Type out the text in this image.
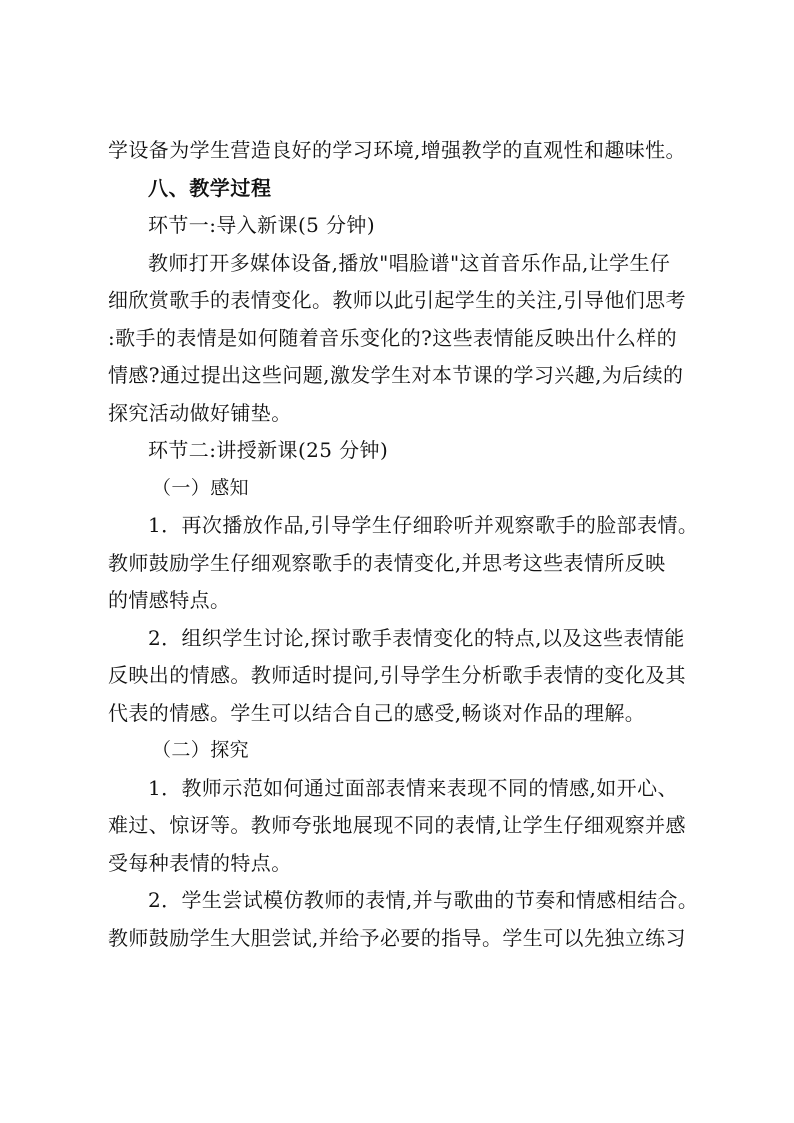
学设备为学生营造良好的学习环境,增强教学的直观性和趣味性。
八、教学过程
环节一:导入新课(5 分钟)
教师打开多媒体设备,播放"唱脸谱"这首音乐作品,让学生仔
细欣赏歌手的表情变化。教师以此引起学生的关注,引导他们思考
:歌手的表情是如何随着音乐变化的?这些表情能反映出什么样的
情感?通过提出这些问题,激发学生对本节课的学习兴趣,为后续的
探究活动做好铺垫。
环节二:讲授新课(25 分钟)
（一）感知
1．再次播放作品,引导学生仔细聆听并观察歌手的脸部表情。
教师鼓励学生仔细观察歌手的表情变化,并思考这些表情所反映
的情感特点。
2．组织学生讨论,探讨歌手表情变化的特点,以及这些表情能
反映出的情感。教师适时提问,引导学生分析歌手表情的变化及其
代表的情感。学生可以结合自己的感受,畅谈对作品的理解。
（二）探究
1．教师示范如何通过面部表情来表现不同的情感,如开心、
难过、惊讶等。教师夸张地展现不同的表情,让学生仔细观察并感
受每种表情的特点。
2．学生尝试模仿教师的表情,并与歌曲的节奏和情感相结合。
教师鼓励学生大胆尝试,并给予必要的指导。学生可以先独立练习
